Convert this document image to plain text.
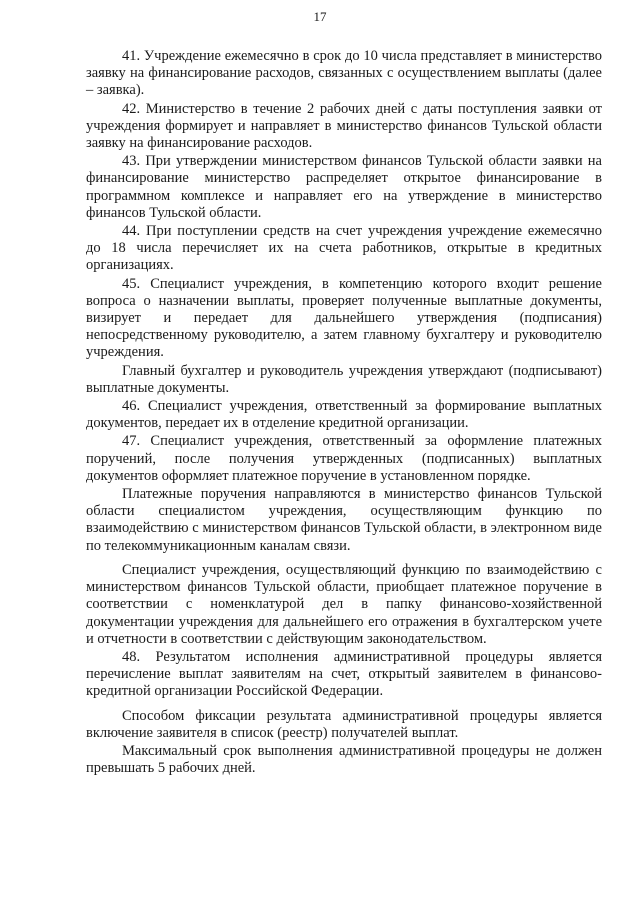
17

41. Учреждение ежемесячно в срок до 10 числа представляет в министерство заявку на финансирование расходов, связанных с осуществлением выплаты (далее – заявка).

42. Министерство в течение 2 рабочих дней с даты поступления заявки от учреждения формирует и направляет в министерство финансов Тульской области заявку на финансирование расходов.

43. При утверждении министерством финансов Тульской области заявки на финансирование министерство распределяет открытое финансирование в программном комплексе и направляет его на утверждение в министерство финансов Тульской области.

44. При поступлении средств на счет учреждения учреждение ежемесячно до 18 числа перечисляет их на счета работников, открытые в кредитных организациях.

45. Специалист учреждения, в компетенцию которого входит решение вопроса о назначении выплаты, проверяет полученные выплатные документы, визирует и передает для дальнейшего утверждения (подписания) непосредственному руководителю, а затем главному бухгалтеру и руководителю учреждения.

Главный бухгалтер и руководитель учреждения утверждают (подписывают) выплатные документы.

46. Специалист учреждения, ответственный за формирование выплатных документов, передает их в отделение кредитной организации.

47. Специалист учреждения, ответственный за оформление платежных поручений, после получения утвержденных (подписанных) выплатных документов оформляет платежное поручение в установленном порядке.

Платежные поручения направляются в министерство финансов Тульской области специалистом учреждения, осуществляющим функцию по взаимодействию с министерством финансов Тульской области, в электронном виде по телекоммуникационным каналам связи.

Специалист учреждения, осуществляющий функцию по взаимодействию с министерством финансов Тульской области, приобщает платежное поручение в соответствии с номенклатурой дел в папку финансово-хозяйственной документации учреждения для дальнейшего его отражения в бухгалтерском учете и отчетности в соответствии с действующим законодательством.

48. Результатом исполнения административной процедуры является перечисление выплат заявителям на счет, открытый заявителем в финансово-кредитной организации Российской Федерации.

Способом фиксации результата административной процедуры является включение заявителя в список (реестр) получателей выплат.

Максимальный срок выполнения административной процедуры не должен превышать 5 рабочих дней.
